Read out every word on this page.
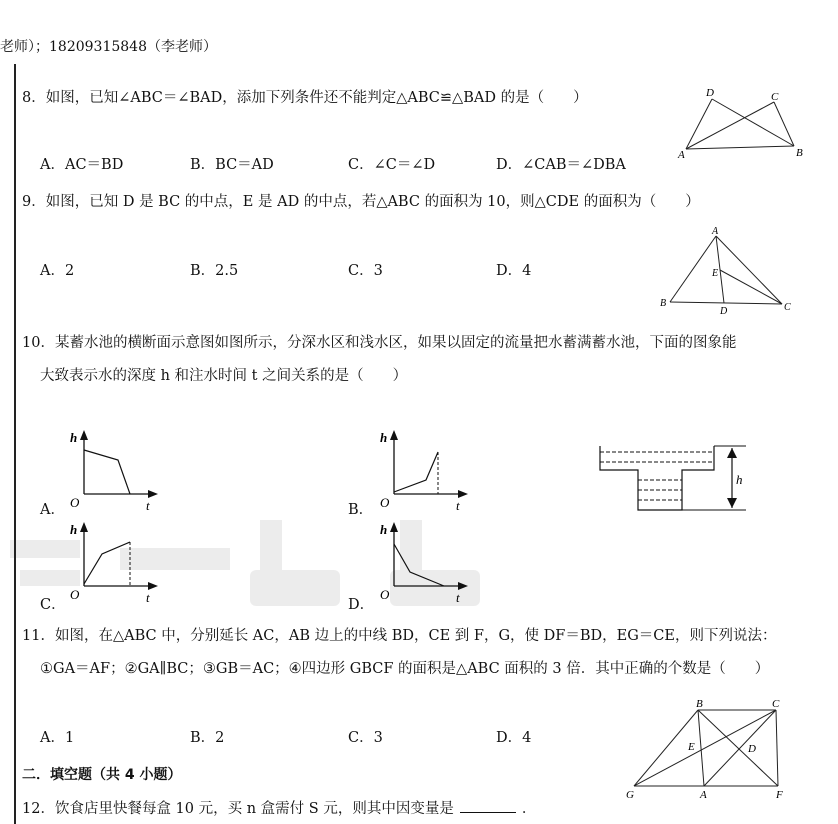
老师）；18209315848（李老师）
8．如图，已知∠ABC＝∠BAD，添加下列条件还不能判定△ABC≌△BAD 的是（　　）
A．AC＝BD	B．BC＝AD	C．∠C＝∠D	D．∠CAB＝∠DBA
D	C
A	B
9．如图，已知 D 是 BC 的中点，E 是 AD 的中点，若△ABC 的面积为 10，则△CDE 的面积为（　　）
A．2	B．2.5	C．3	D．4
A
E
B
D	C
10．某蓄水池的横断面示意图如图所示，分深水区和浅水区，如果以固定的流量把水蓄满蓄水池，下面的图象能
大致表示水的深度 h 和注水时间 t 之间关系的是（　　）
A．
h
O	t	B．
h
O	t
h
C．
h
O	t	D．
h
O	t
11．如图，在△ABC 中，分别延长 AC，AB 边上的中线 BD，CE 到 F，G，使 DF＝BD，EG＝CE，则下列说法：
①GA＝AF；②GA∥BC；③GB＝AC；④四边形 GBCF 的面积是△ABC 面积的 3 倍．其中正确的个数是（　　）
A．1	B．2	C．3	D．4
B	C
E	D
G	A	F
二．填空题（共 4 小题）
12．饮食店里快餐每盒 10 元，买 n 盒需付 S 元，则其中因变量是	．
